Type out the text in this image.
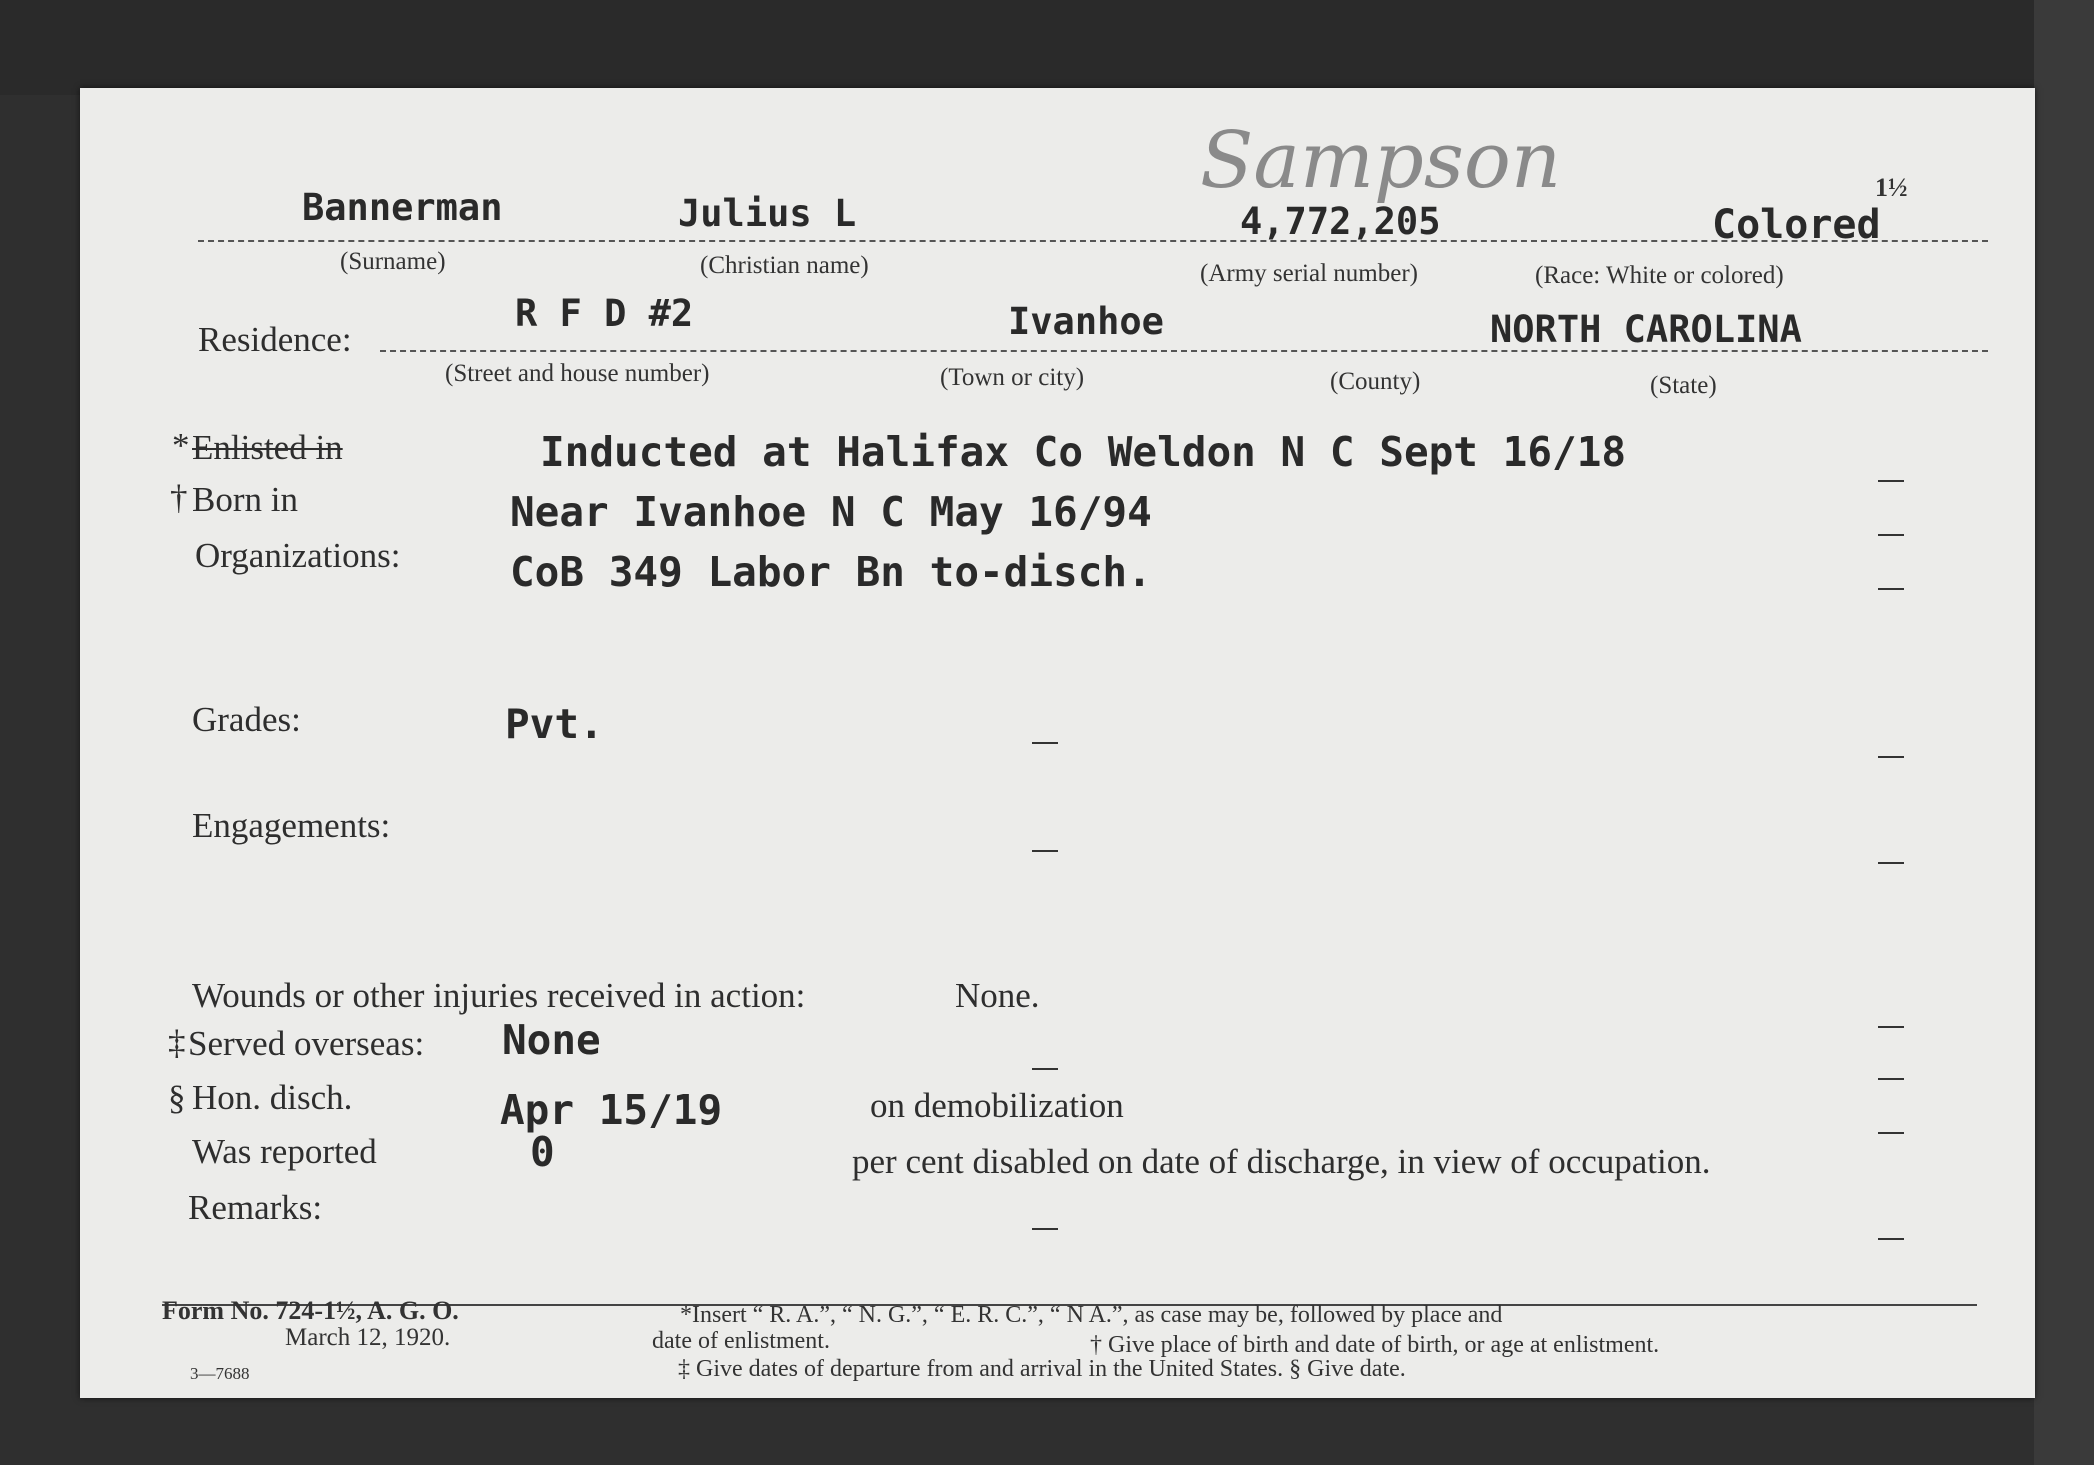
Sampson	1½
Bannerman	Julius L	4,772,205	Colored
(Surname)	(Christian name)	(Army serial number)	(Race: White or colored)
Residence:
R F D #2	Ivanhoe	NORTH CAROLINA
(Street and house number)	(Town or city)	(County)	(State)
* Enlisted in	Inducted at Halifax Co Weldon N C Sept 16/18
† Born in	Near Ivanhoe N C May 16/94
Organizations:	CoB 349 Labor Bn to-disch.
Grades:	Pvt.
Engagements:
Wounds or other injuries received in action:	None.
‡ Served overseas: None
§ Hon. disch.	Apr 15/19	on demobilization
Was reported	0	per cent disabled on date of discharge, in view of occupation.
Remarks:
Form No. 724-1½, A. G. O.
March 12, 1920.
3—7688
*Insert “ R. A.”, “ N. G.”, “ E. R. C.”, “ N A.”, as case may be, followed by place and
date of enlistment.	† Give place of birth and date of birth, or age at enlistment.
‡ Give dates of departure from and arrival in the United States. § Give date.
